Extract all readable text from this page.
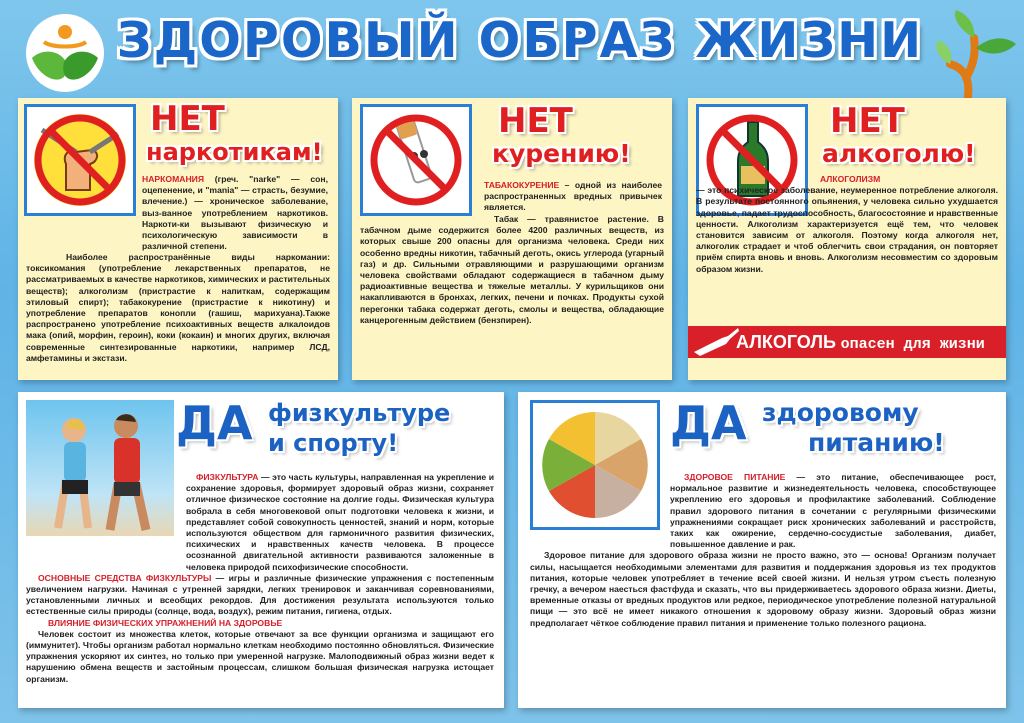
ЗДОРОВЫЙ ОБРАЗ ЖИЗНИ
НЕТ
наркотикам!

НАРКОМАНИЯ (греч. "narke" — сон, оцепенение, и "mania" — страсть, безумие, влечение.) — хроническое заболевание, выз-ванное употреблением наркотиков. Наркоти-ки вызывают физическую и психологическую зависимости в различной степени.

Наиболее распространённые виды наркомании: токсикомания (употребление лекарственных препаратов, не рассматриваемых в качестве наркотиков, химических и растительных веществ); алкоголизм (пристрастие к напиткам, содержащим этиловый спирт); табакокурение (пристрастие к никотину) и употребление препаратов конопли (гашиш, марихуана).Также распространено употребление психоактивных веществ алкалоидов мака (опий, морфин, героин), коки (кокаин) и многих других, включая современные синтезированные наркотики, например ЛСД, амфетамины и экстази.

НЕТ
курению!

ТАБАКОКУРЕНИЕ – одной из наиболее распространенных вредных привычек является.

Табак — травянистое растение. В табачном дыме содержится более 4200 различных веществ, из которых свыше 200 опасны для организма человека. Среди них особенно вредны никотин, табачный деготь, окись углерода (угарный газ) и др. Сильными отравляющими и разрушающими организм человека свойствами обладают содержащиеся в табачном дыму радиоактивные вещества и тяжелые металлы. У курильщиков они накапливаются в бронхах, легких, печени и почках. Продукты сухой перегонки табака содержат деготь, смолы и вещества, обладающие канцерогенным действием (бензпирен).

НЕТ
алкоголю!

АЛКОГОЛИЗМ
— это психическое заболевание, неумеренное потребление алкоголя. В результате постоянного опьянения, у человека сильно ухудшается здоровье, падает трудоспособность, благосостояние и нравственные ценности. Алкоголизм характеризуется ещё тем, что человек становится зависим от алкоголя. Поэтому когда алкоголя нет, алкоголик страдает и чтоб облегчить свои страдания, он повторяет приём спирта вновь и вновь. Алкоголизм несовместим со здоровым образом жизни.

АЛКОГОЛЬ опасен для жизни
ДА физкультуре
и спорту!

ФИЗКУЛЬТУРА — это часть культуры, направленная на укрепление и сохранение здоровья, формирует здоровый образ жизни, сохраняет отличное физическое состояние на долгие годы. Физическая культура вобрала в себя многовековой опыт подготовки человека к жизни, и представляет собой совокупность ценностей, знаний и норм, которые используются обществом для гармоничного развития физических, психических и нравственных качеств человека. В процессе осознанной двигательной активности развиваются заложенные в человека природой психофизические способности.
ОСНОВНЫЕ СРЕДСТВА ФИЗКУЛЬТУРЫ — игры и различные физические упражнения с постепенным увеличением нагрузки. Начиная с утренней зарядки, легких тренировок и заканчивая соревнованиями, установленными личных и всеобщих рекордов. Для достижения результата используются только естественные силы природы (солнце, вода, воздух), режим питания, гигиена, отдых.
ВЛИЯНИЕ ФИЗИЧЕСКИХ УПРАЖНЕНИЙ НА ЗДОРОВЬЕ
Человек состоит из множества клеток, которые отвечают за все функции организма и защищают его (иммунитет). Чтобы организм работал нормально клеткам необходимо постоянно обновляться. Физические упражнения ускоряют их синтез, но только при умеренной нагрузке. Малоподвижный образ жизни ведет к нарушению обмена веществ и застойным процессам, слишком большая физическая нагрузка истощает организм.

ДА здоровому
питанию!

ЗДОРОВОЕ ПИТАНИЕ — это питание, обеспечивающее рост, нормальное развитие и жизнедеятельность человека, способствующее укреплению его здоровья и профилактике заболеваний. Соблюдение правил здорового питания в сочетании с регулярными физическими упражнениями сокращает риск хронических заболеваний и расстройств, таких как ожирение, сердечно-сосудистые заболевания, диабет, повышенное давление и рак.
Здоровое питание для здорового образа жизни не просто важно, это — основа! Организм получает силы, насыщается необходимыми элементами для развития и поддержания здоровья из тех продуктов питания, которые человек употребляет в течение всей своей жизни. И нельзя утром съесть полезную гречку, а вечером наесться фастфуда и сказать, что вы придерживаетесь здорового образа жизни. Диеты, временные отказы от вредных продуктов или редкое, периодическое употребление полезной натуральной пищи — это всё не имеет никакого отношения к здоровому образу жизни. Здоровый образ жизни предполагает чёткое соблюдение правил питания и применение только полезного рациона.
